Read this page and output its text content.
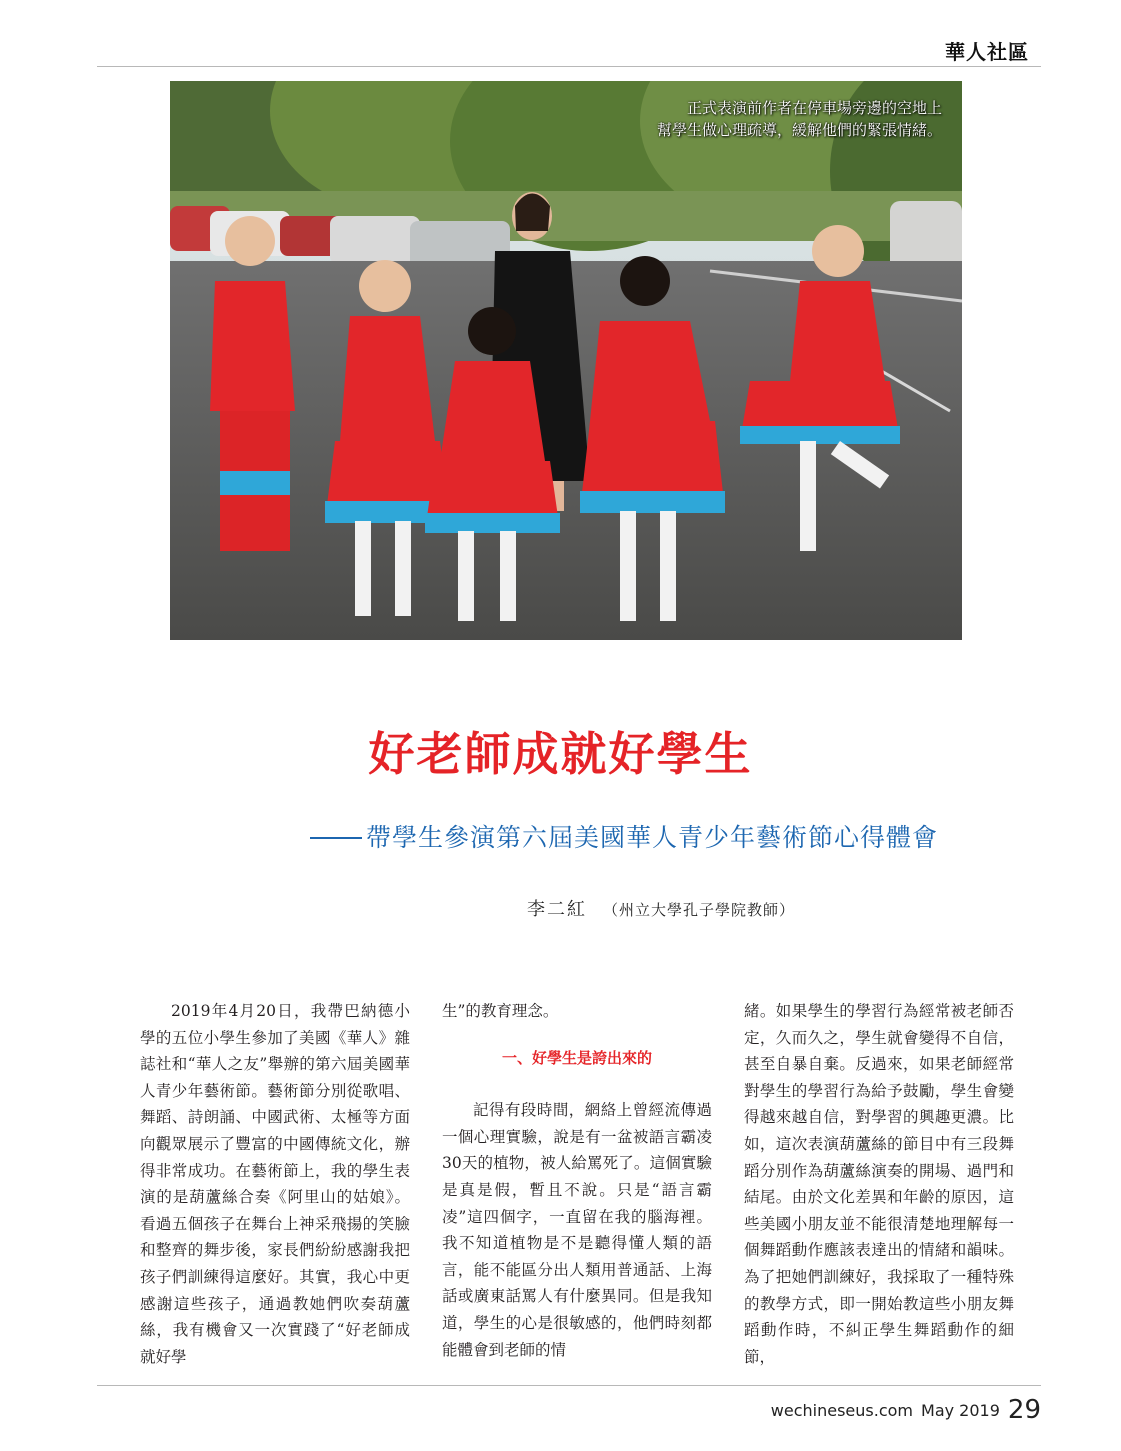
華人社區
正式表演前作者在停車場旁邊的空地上
幫學生做心理疏導，緩解他們的緊張情緒。
好老師成就好學生
帶學生參演第六屆美國華人青少年藝術節心得體會
李二紅 （州立大學孔子學院教師）

2019年4月20日，我帶巴納德小學的五位小學生參加了美國《華人》雜誌社和“華人之友”舉辦的第六屆美國華人青少年藝術節。藝術節分別從歌唱、舞蹈、詩朗誦、中國武術、太極等方面向觀眾展示了豐富的中國傳統文化，辦得非常成功。在藝術節上，我的學生表演的是葫蘆絲合奏《阿里山的姑娘》。看過五個孩子在舞台上神采飛揚的笑臉和整齊的舞步後，家長們紛紛感謝我把孩子們訓練得這麼好。其實，我心中更感謝這些孩子，通過教她們吹奏葫蘆絲，我有機會又一次實踐了“好老師成就好學

生”的教育理念。

一、好學生是誇出來的

記得有段時間，網絡上曾經流傳過一個心理實驗，說是有一盆被語言霸凌30天的植物，被人給罵死了。這個實驗是真是假，暫且不說。只是“語言霸凌”這四個字，一直留在我的腦海裡。我不知道植物是不是聽得懂人類的語言，能不能區分出人類用普通話、上海話或廣東話罵人有什麼異同。但是我知道，學生的心是很敏感的，他們時刻都能體會到老師的情

緒。如果學生的學習行為經常被老師否定，久而久之，學生就會變得不自信，甚至自暴自棄。反過來，如果老師經常對學生的學習行為給予鼓勵，學生會變得越來越自信，對學習的興趣更濃。比如，這次表演葫蘆絲的節目中有三段舞蹈分別作為葫蘆絲演奏的開場、過門和結尾。由於文化差異和年齡的原因，這些美國小朋友並不能很清楚地理解每一個舞蹈動作應該表達出的情緒和韻味。為了把她們訓練好，我採取了一種特殊的教學方式，即一開始教這些小朋友舞蹈動作時，不糾正學生舞蹈動作的細節，

wechineseus.com May 2019 29
